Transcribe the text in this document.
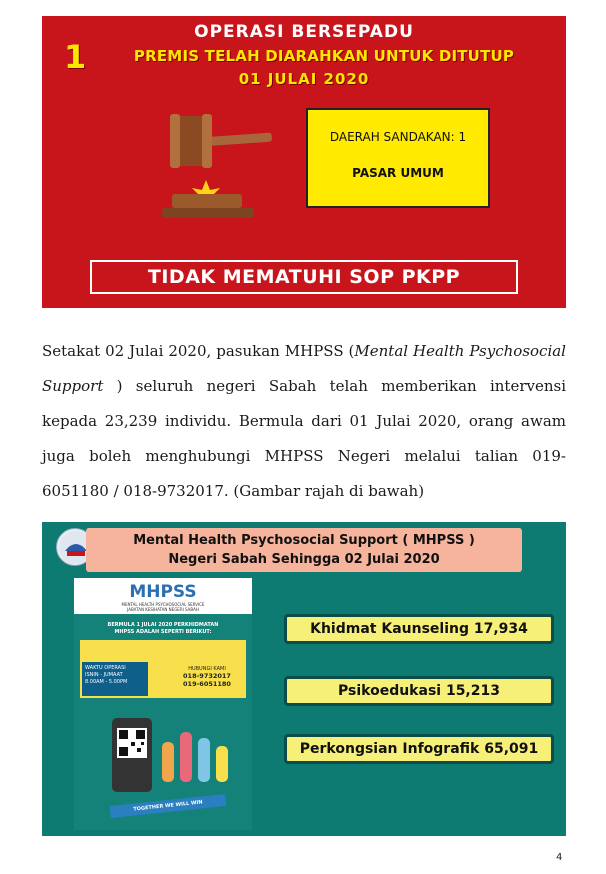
OPERASI BERSEPADU
1	PREMIS TELAH DIARAHKAN UNTUK DITUTUP
01 JULAI 2020
DAERAH SANDAKAN: 1
PASAR UMUM
TIDAK MEMATUHI SOP PKPP

Setakat 02 Julai 2020, pasukan MHPSS (Mental Health Psychosocial Support ) seluruh negeri Sabah telah memberikan intervensi kepada 23,239 individu. Bermula dari 01 Julai 2020, orang awam juga boleh menghubungi MHPSS Negeri melalui talian 019-6051180 / 018-9732017. (Gambar rajah di bawah)

Mental Health Psychosocial Support ( MHPSS )
Negeri Sabah Sehingga 02 Julai 2020
MHPSS
MENTAL HEALTH PSYCHOSOCIAL SERVICE
JABATAN KESIHATAN NEGERI SABAH
BERMULA 1 JULAI 2020 PERKHIDMATAN
MHPSS ADALAH SEPERTI BERIKUT:
WAKTU OPERASI
ISNIN - JUMAAT
8.00AM - 5.00PM
HUBUNGI KAMI
018-9732017
019-6051180
TOGETHER WE WILL WIN
Khidmat Kaunseling 17,934
Psikoedukasi 15,213
Perkongsian Infografik 65,091
4
